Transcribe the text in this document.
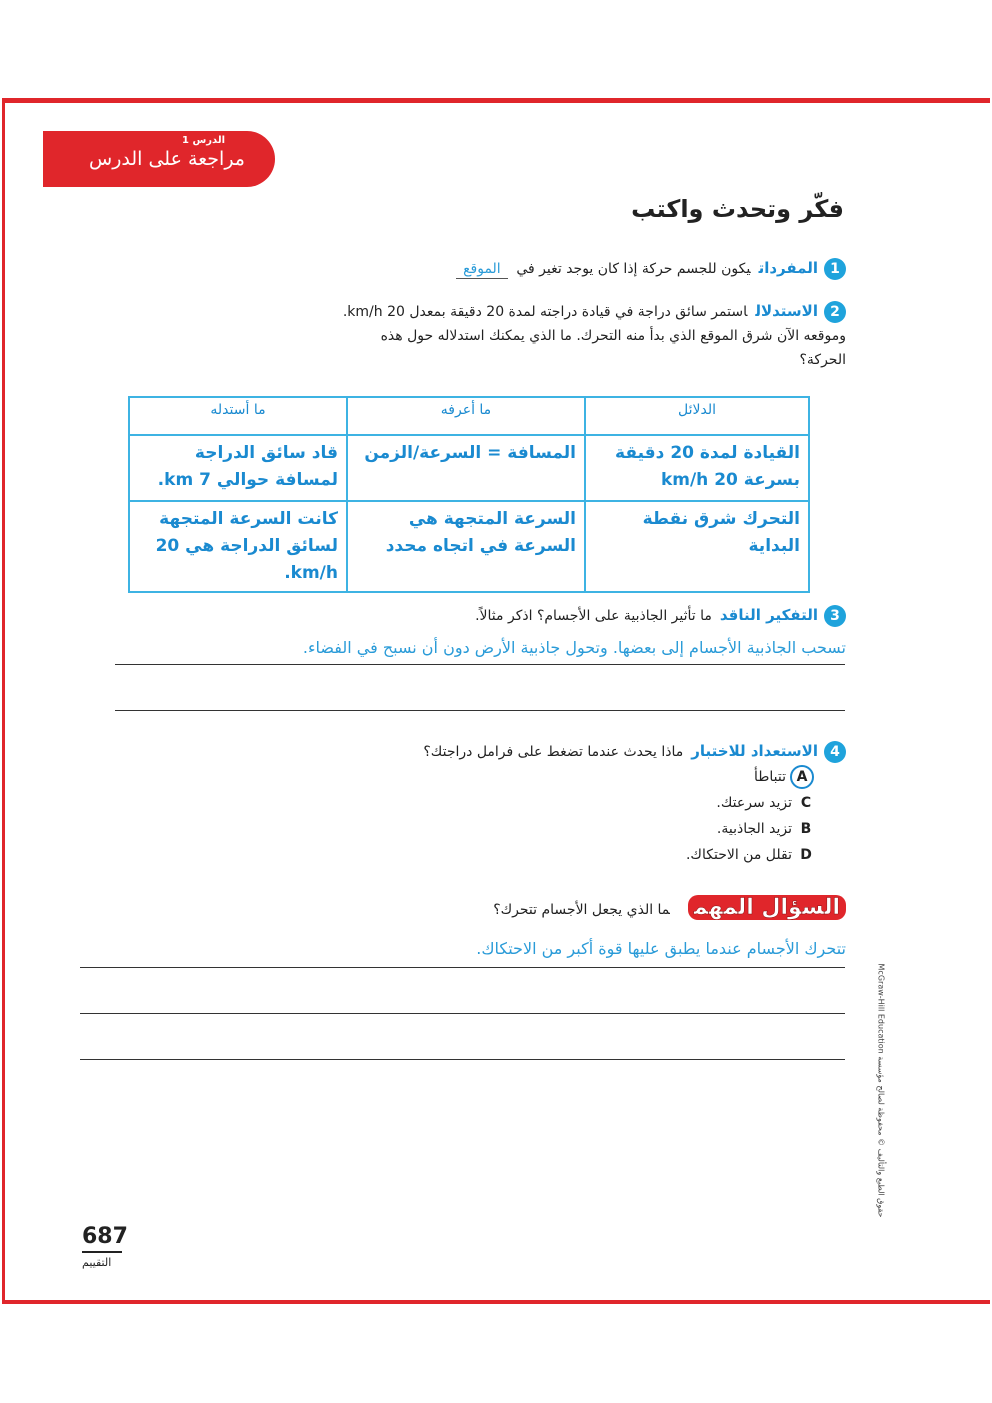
الدرس 1
مراجعة على الدرس
فكّر وتحدث واكتب
1المفرداتيكون للجسم حركة إذا كان يوجد تغير في الموقع
2الاستدلالاستمر سائق دراجة في قيادة دراجته لمدة 20 دقيقة بمعدل 20 km/h.
وموقعه الآن شرق الموقع الذي بدأ منه التحرك. ما الذي يمكنك استدلاله حول هذه
الحركة؟
الدلائل	ما أعرفه	ما أستدله
القيادة لمدة 20 دقيقة بسرعة 20 km/h	المسافة = السرعة/الزمن	قاد سائق الدراجة لمسافة حوالي 7 km.
التحرك شرق نقطة البداية	السرعة المتجهة هي السرعة في اتجاه محدد	كانت السرعة المتجهة لسائق الدراجة هي 20 km/h.
3التفكير الناقدما تأثير الجاذبية على الأجسام؟ اذكر مثالاً.
تسحب الجاذبية الأجسام إلى بعضها. وتحول جاذبية الأرض دون أن نسبح في الفضاء.
4الاستعداد للاختبارماذا يحدث عندما تضغط على فرامل دراجتك؟
Aتتباطأ
Cتزيد سرعتك.
Bتزيد الجاذبية.
Dتقلل من الاحتكاك.
السؤال المهمما الذي يجعل الأجسام تتحرك؟
تتحرك الأجسام عندما يطبق عليها قوة أكبر من الاحتكاك.
حقوق الطبع والتأليف © محفوظة لصالح مؤسسة McGraw-Hill Education
687
التقييم
